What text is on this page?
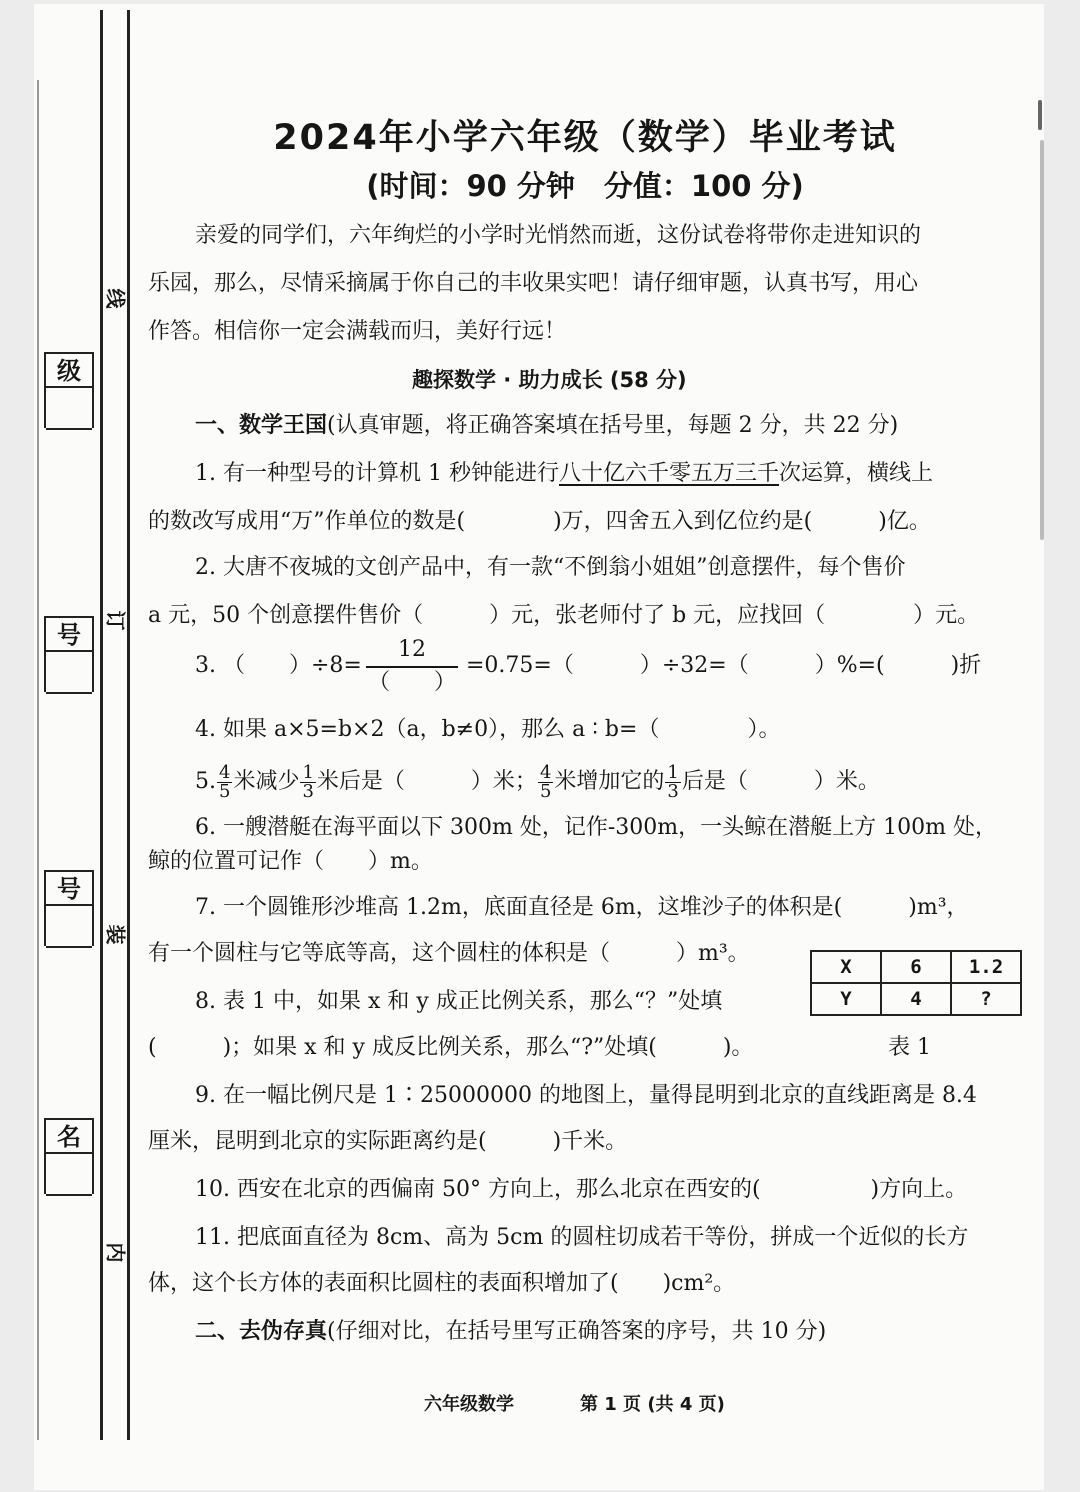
线
订
装
内
级
号
号
名
2024年小学六年级（数学）毕业考试
(时间：90 分钟　分值：100 分)
亲爱的同学们，六年绚烂的小学时光悄然而逝，这份试卷将带你走进知识的
乐园，那么，尽情采摘属于你自己的丰收果实吧！请仔细审题，认真书写，用心
作答。相信你一定会满载而归，美好行远！
趣探数学 · 助力成长 (58 分)
一、数学王国(认真审题，将正确答案填在括号里，每题 2 分，共 22 分)
1. 有一种型号的计算机 1 秒钟能进行八十亿六千零五万三千次运算，横线上
的数改写成用“万”作单位的数是(　　　　)万，四舍五入到亿位约是(　　　)亿。
2. 大唐不夜城的文创产品中，有一款“不倒翁小姐姐”创意摆件，每个售价
a 元，50 个创意摆件售价（　　　）元，张老师付了 b 元，应找回（　　　　）元。
3. （　　）÷8=
12
（　　）
=0.75=（　　　）÷32=（　　　）%=(　　　)折
4. 如果 a×5=b×2（a，b≠0），那么 a ∶ b=（　　　　）。
5. $\frac{4}{5}$ 米减少 $\frac{1}{3}$ 米后是（　　　）米； $\frac{4}{5}$ 米增加它的 $\frac{1}{3}$ 后是（　　　）米。
6. 一艘潜艇在海平面以下 300m 处，记作-300m，一头鲸在潜艇上方 100m 处，
鲸的位置可记作（　　）m。
7. 一个圆锥形沙堆高 1.2m，底面直径是 6m，这堆沙子的体积是(　　　)m³，
有一个圆柱与它等底等高，这个圆柱的体积是（　　　）m³。
8. 表 1 中，如果 x 和 y 成正比例关系，那么“？”处填
(　　　)；如果 x 和 y 成反比例关系，那么“?”处填(　　　)。
X	6	1.2
Y	4	?
表 1
9. 在一幅比例尺是 1∶25000000 的地图上，量得昆明到北京的直线距离是 8.4
厘米，昆明到北京的实际距离约是(　　　)千米。
10. 西安在北京的西偏南 50° 方向上，那么北京在西安的(　　　　　)方向上。
11. 把底面直径为 8cm、高为 5cm 的圆柱切成若干等份，拼成一个近似的长方
体，这个长方体的表面积比圆柱的表面积增加了(　　)cm²。
二、去伪存真(仔细对比，在括号里写正确答案的序号，共 10 分)
六年级数学	第 1 页 (共 4 页)
